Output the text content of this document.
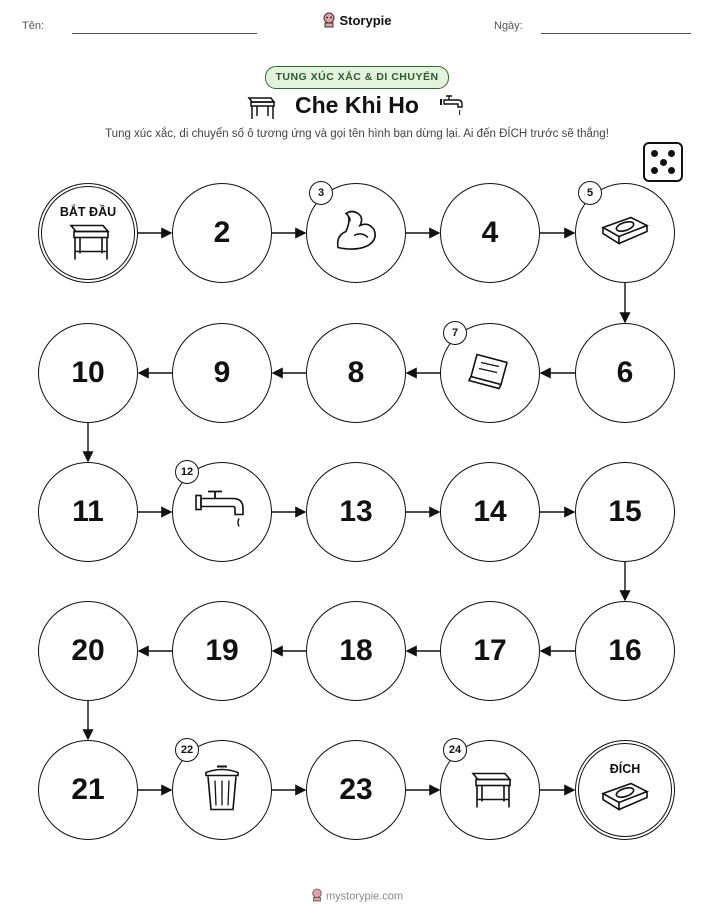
Tên:	Ngày:
Storypie
TUNG XÚC XẮC & DI CHUYỂN
Che Khi Ho
Tung xúc xắc, di chuyển số ô tương ứng và gọi tên hình bạn dừng lại. Ai đến ĐÍCH trước sẽ thắng!
BẮT ĐẦU
2
3
4
5
6
7
8
9
10
11
12
13	14	15
16
17
18
19
20
21
22
23
24
ĐÍCH
mystorypie.com
